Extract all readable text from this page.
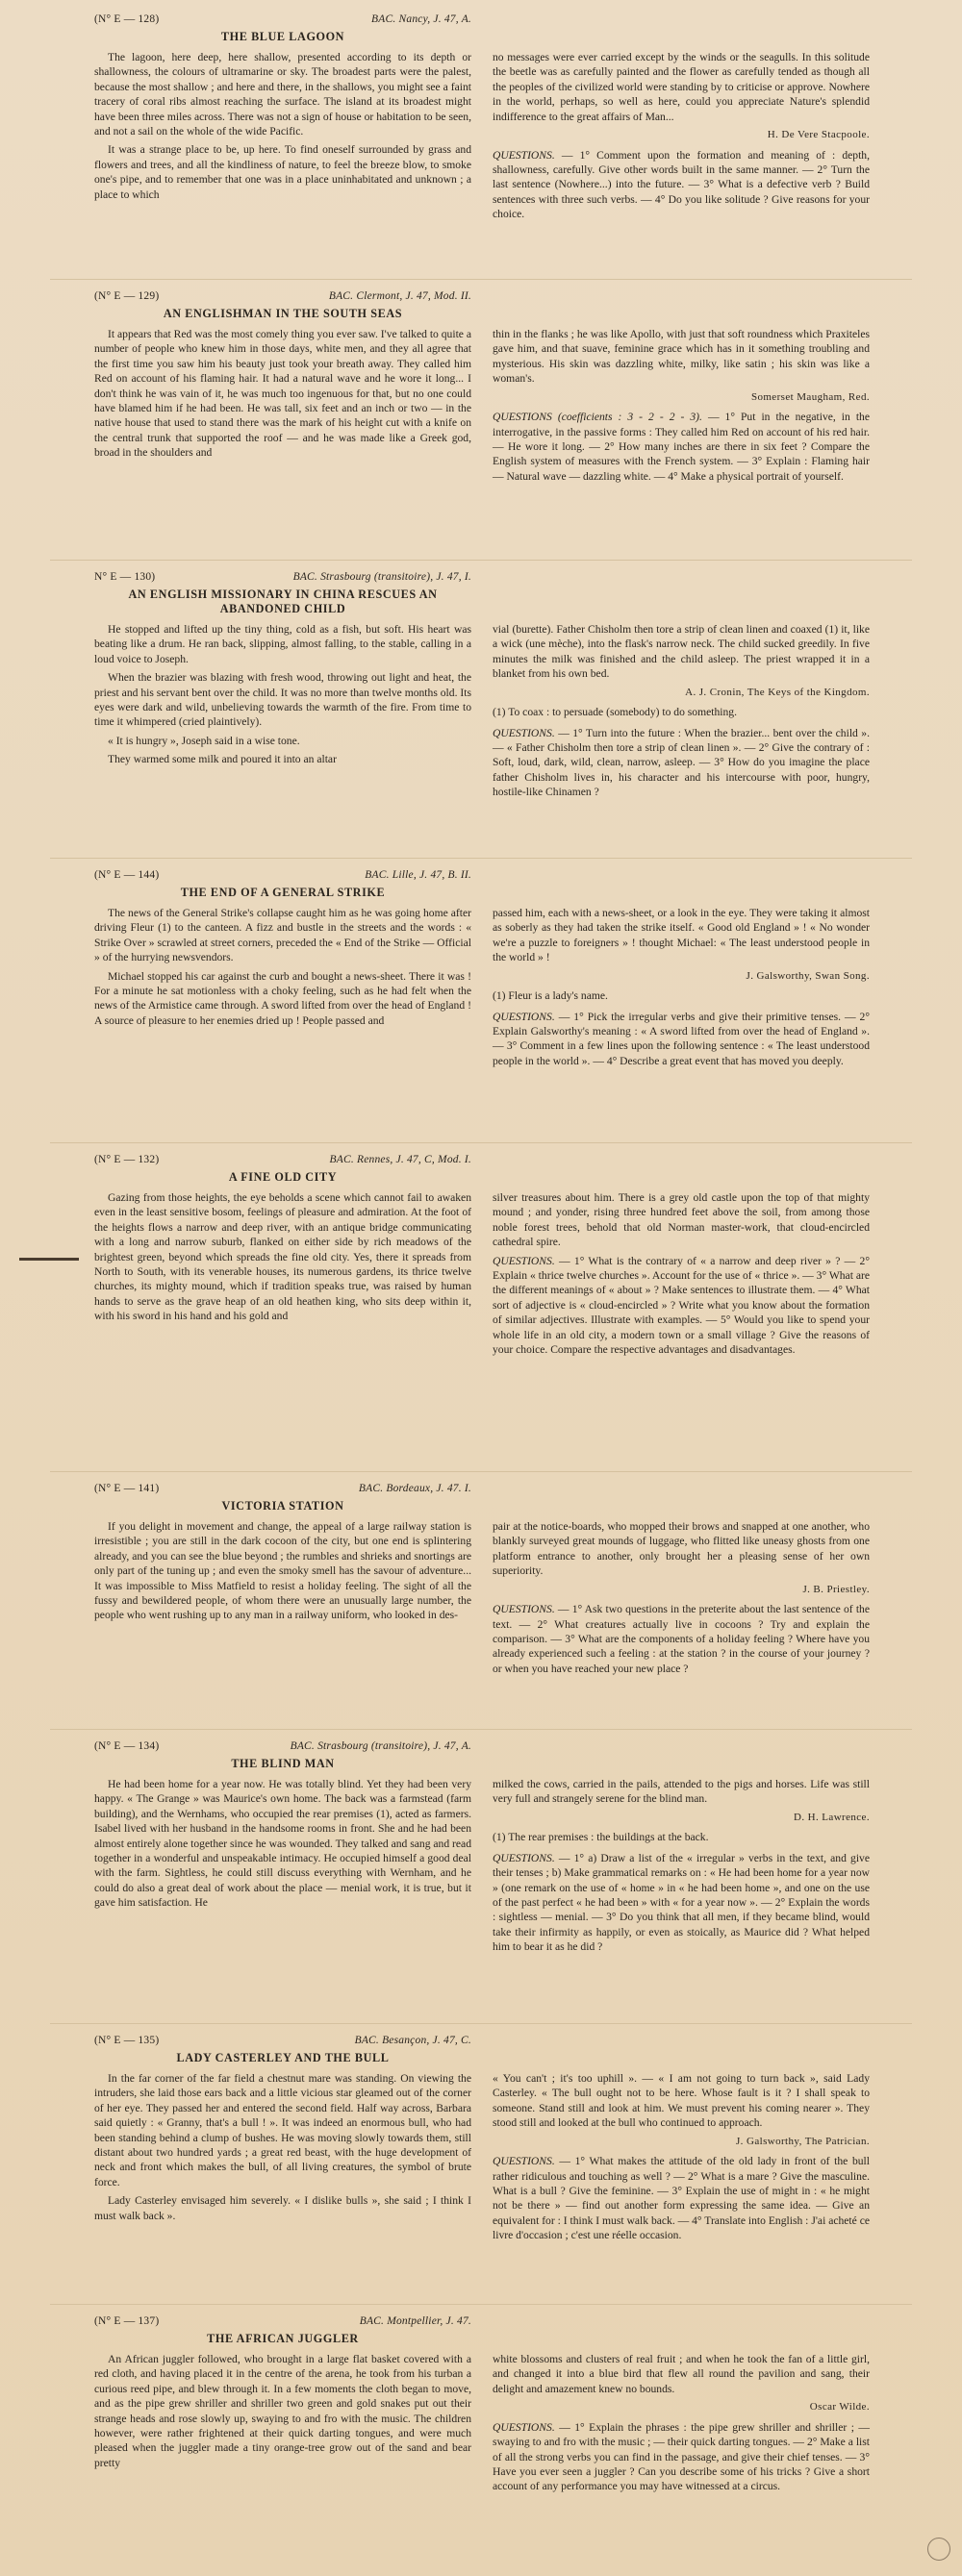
(N° E — 128)	BAC. Nancy, J. 47, A.
THE BLUE LAGOON

The lagoon, here deep, here shallow, presented according to its depth or shallowness, the colours of ultramarine or sky. The broadest parts were the palest, because the most shallow ; and here and there, in the shallows, you might see a faint tracery of coral ribs almost reaching the surface. The island at its broadest might have been three miles across. There was not a sign of house or habitation to be seen, and not a sail on the whole of the wide Pacific.

It was a strange place to be, up here. To find oneself surrounded by grass and flowers and trees, and all the kindliness of nature, to feel the breeze blow, to smoke one's pipe, and to remember that one was in a place uninhabitated and unknown ; a place to which

no messages were ever carried except by the winds or the seagulls. In this solitude the beetle was as carefully painted and the flower as carefully tended as though all the peoples of the civilized world were standing by to criticise or approve. Nowhere in the world, perhaps, so well as here, could you appreciate Nature's splendid indifference to the great affairs of Man...

H. De Vere Stacpoole.

QUESTIONS. — 1° Comment upon the formation and meaning of : depth, shallowness, carefully. Give other words built in the same manner. — 2° Turn the last sentence (Nowhere...) into the future. — 3° What is a defective verb ? Build sentences with three such verbs. — 4° Do you like solitude ? Give reasons for your choice.

(N° E — 129)	BAC. Clermont, J. 47, Mod. II.
AN ENGLISHMAN IN THE SOUTH SEAS

It appears that Red was the most comely thing you ever saw. I've talked to quite a number of people who knew him in those days, white men, and they all agree that the first time you saw him his beauty just took your breath away. They called him Red on account of his flaming hair. It had a natural wave and he wore it long... I don't think he was vain of it, he was much too ingenuous for that, but no one could have blamed him if he had been. He was tall, six feet and an inch or two — in the native house that used to stand there was the mark of his height cut with a knife on the central trunk that supported the roof — and he was made like a Greek god, broad in the shoulders and

thin in the flanks ; he was like Apollo, with just that soft roundness which Praxiteles gave him, and that suave, feminine grace which has in it something troubling and mysterious. His skin was dazzling white, milky, like satin ; his skin was like a woman's.

Somerset Maugham, Red.

QUESTIONS (coefficients : 3 - 2 - 2 - 3). — 1° Put in the negative, in the interrogative, in the passive forms : They called him Red on account of his red hair. — He wore it long. — 2° How many inches are there in six feet ? Compare the English system of measures with the French system. — 3° Explain : Flaming hair — Natural wave — dazzling white. — 4° Make a physical portrait of yourself.

N° E — 130)	BAC. Strasbourg (transitoire), J. 47, I.
AN ENGLISH MISSIONARY IN CHINA RESCUES AN ABANDONED CHILD

He stopped and lifted up the tiny thing, cold as a fish, but soft. His heart was beating like a drum. He ran back, slipping, almost falling, to the stable, calling in a loud voice to Joseph.

When the brazier was blazing with fresh wood, throwing out light and heat, the priest and his servant bent over the child. It was no more than twelve months old. Its eyes were dark and wild, unbelieving towards the warmth of the fire. From time to time it whimpered (cried plaintively).

« It is hungry », Joseph said in a wise tone.

They warmed some milk and poured it into an altar

vial (burette). Father Chisholm then tore a strip of clean linen and coaxed (1) it, like a wick (une mèche), into the flask's narrow neck. The child sucked greedily. In five minutes the milk was finished and the child asleep. The priest wrapped it in a blanket from his own bed.

A. J. Cronin, The Keys of the Kingdom.

(1) To coax : to persuade (somebody) to do something.

QUESTIONS. — 1° Turn into the future : When the brazier... bent over the child ». — « Father Chisholm then tore a strip of clean linen ». — 2° Give the contrary of : Soft, loud, dark, wild, clean, narrow, asleep. — 3° How do you imagine the place father Chisholm lives in, his character and his intercourse with poor, hungry, hostile-like Chinamen ?

(N° E — 144)	BAC. Lille, J. 47, B. II.
THE END OF A GENERAL STRIKE

The news of the General Strike's collapse caught him as he was going home after driving Fleur (1) to the canteen. A fizz and bustle in the streets and the words : « Strike Over » scrawled at street corners, preceded the « End of the Strike — Official » of the hurrying newsvendors.

Michael stopped his car against the curb and bought a news-sheet. There it was ! For a minute he sat motionless with a choky feeling, such as he had felt when the news of the Armistice came through. A sword lifted from over the head of England ! A source of pleasure to her enemies dried up ! People passed and

passed him, each with a news-sheet, or a look in the eye. They were taking it almost as soberly as they had taken the strike itself. « Good old England » ! « No wonder we're a puzzle to foreigners » ! thought Michael: « The least understood people in the world » !

J. Galsworthy, Swan Song.

(1) Fleur is a lady's name.

QUESTIONS. — 1° Pick the irregular verbs and give their primitive tenses. — 2° Explain Galsworthy's meaning : « A sword lifted from over the head of England ». — 3° Comment in a few lines upon the following sentence : « The least understood people in the world ». — 4° Describe a great event that has moved you deeply.

(N° E — 132)	BAC. Rennes, J. 47, C, Mod. I.
A FINE OLD CITY

Gazing from those heights, the eye beholds a scene which cannot fail to awaken even in the least sensitive bosom, feelings of pleasure and admiration. At the foot of the heights flows a narrow and deep river, with an antique bridge communicating with a long and narrow suburb, flanked on either side by rich meadows of the brightest green, beyond which spreads the fine old city. Yes, there it spreads from North to South, with its venerable houses, its numerous gardens, its thrice twelve churches, its mighty mound, which if tradition speaks true, was raised by human hands to serve as the grave heap of an old heathen king, who sits deep within it, with his sword in his hand and his gold and

silver treasures about him. There is a grey old castle upon the top of that mighty mound ; and yonder, rising three hundred feet above the soil, from among those noble forest trees, behold that old Norman master-work, that cloud-encircled cathedral spire.

QUESTIONS. — 1° What is the contrary of « a narrow and deep river » ? — 2° Explain « thrice twelve churches ». Account for the use of « thrice ». — 3° What are the different meanings of « about » ? Make sentences to illustrate them. — 4° What sort of adjective is « cloud-encircled » ? Write what you know about the formation of similar adjectives. Illustrate with examples. — 5° Would you like to spend your whole life in an old city, a modern town or a small village ? Give the reasons of your choice. Compare the respective advantages and disadvantages.

(N° E — 141)	BAC. Bordeaux, J. 47. I.
VICTORIA STATION

If you delight in movement and change, the appeal of a large railway station is irresistible ; you are still in the dark cocoon of the city, but one end is splintering already, and you can see the blue beyond ; the rumbles and shrieks and snortings are only part of the tuning up ; and even the smoky smell has the savour of adventure... It was impossible to Miss Matfield to resist a holiday feeling. The sight of all the fussy and bewildered people, of whom there were an unusually large number, the people who went rushing up to any man in a railway uniform, who looked in des-

pair at the notice-boards, who mopped their brows and snapped at one another, who blankly surveyed great mounds of luggage, who flitted like uneasy ghosts from one platform entrance to another, only brought her a pleasing sense of her own superiority.

J. B. Priestley.

QUESTIONS. — 1° Ask two questions in the preterite about the last sentence of the text. — 2° What creatures actually live in cocoons ? Try and explain the comparison. — 3° What are the components of a holiday feeling ? Where have you already experienced such a feeling : at the station ? in the course of your journey ? or when you have reached your new place ?

(N° E — 134)	BAC. Strasbourg (transitoire), J. 47, A.
THE BLIND MAN

He had been home for a year now. He was totally blind. Yet they had been very happy. « The Grange » was Maurice's own home. The back was a farmstead (farm building), and the Wernhams, who occupied the rear premises (1), acted as farmers. Isabel lived with her husband in the handsome rooms in front. She and he had been almost entirely alone together since he was wounded. They talked and sang and read together in a wonderful and unspeakable intimacy. He occupied himself a good deal with the farm. Sightless, he could still discuss everything with Wernham, and he could do also a great deal of work about the place — menial work, it is true, but it gave him satisfaction. He

milked the cows, carried in the pails, attended to the pigs and horses. Life was still very full and strangely serene for the blind man.

D. H. Lawrence.

(1) The rear premises : the buildings at the back.

QUESTIONS. — 1° a) Draw a list of the « irregular » verbs in the text, and give their tenses ; b) Make grammatical remarks on : « He had been home for a year now » (one remark on the use of « home » in « he had been home », and one on the use of the past perfect « he had been » with « for a year now ». — 2° Explain the words : sightless — menial. — 3° Do you think that all men, if they became blind, would take their infirmity as happily, or even as stoically, as Maurice did ? What helped him to bear it as he did ?

(N° E — 135)	BAC. Besançon, J. 47, C.
LADY CASTERLEY AND THE BULL

In the far corner of the far field a chestnut mare was standing. On viewing the intruders, she laid those ears back and a little vicious star gleamed out of the corner of her eye. They passed her and entered the second field. Half way across, Barbara said quietly : « Granny, that's a bull ! ». It was indeed an enormous bull, who had been standing behind a clump of bushes. He was moving slowly towards them, still distant about two hundred yards ; a great red beast, with the huge development of neck and front which makes the bull, of all living creatures, the symbol of brute force.

Lady Casterley envisaged him severely. « I dislike bulls », she said ; I think I must walk back ».

« You can't ; it's too uphill ». — « I am not going to turn back », said Lady Casterley. « The bull ought not to be here. Whose fault is it ? I shall speak to someone. Stand still and look at him. We must prevent his coming nearer ». They stood still and looked at the bull who continued to approach.

J. Galsworthy, The Patrician.

QUESTIONS. — 1° What makes the attitude of the old lady in front of the bull rather ridiculous and touching as well ? — 2° What is a mare ? Give the masculine. What is a bull ? Give the feminine. — 3° Explain the use of might in : « he might not be there » — find out another form expressing the same idea. — Give an equivalent for : I think I must walk back. — 4° Translate into English : J'ai acheté ce livre d'occasion ; c'est une réelle occasion.

(N° E — 137)	BAC. Montpellier, J. 47.
THE AFRICAN JUGGLER

An African juggler followed, who brought in a large flat basket covered with a red cloth, and having placed it in the centre of the arena, he took from his turban a curious reed pipe, and blew through it. In a few moments the cloth began to move, and as the pipe grew shriller and shriller two green and gold snakes put out their strange heads and rose slowly up, swaying to and fro with the music. The children however, were rather frightened at their quick darting tongues, and were much pleased when the juggler made a tiny orange-tree grow out of the sand and bear pretty

white blossoms and clusters of real fruit ; and when he took the fan of a little girl, and changed it into a blue bird that flew all round the pavilion and sang, their delight and amazement knew no bounds.

Oscar Wilde.

QUESTIONS. — 1° Explain the phrases : the pipe grew shriller and shriller ; — swaying to and fro with the music ; — their quick darting tongues. — 2° Make a list of all the strong verbs you can find in the passage, and give their chief tenses. — 3° Have you ever seen a juggler ? Can you describe some of his tricks ? Give a short account of any performance you may have witnessed at a circus.
